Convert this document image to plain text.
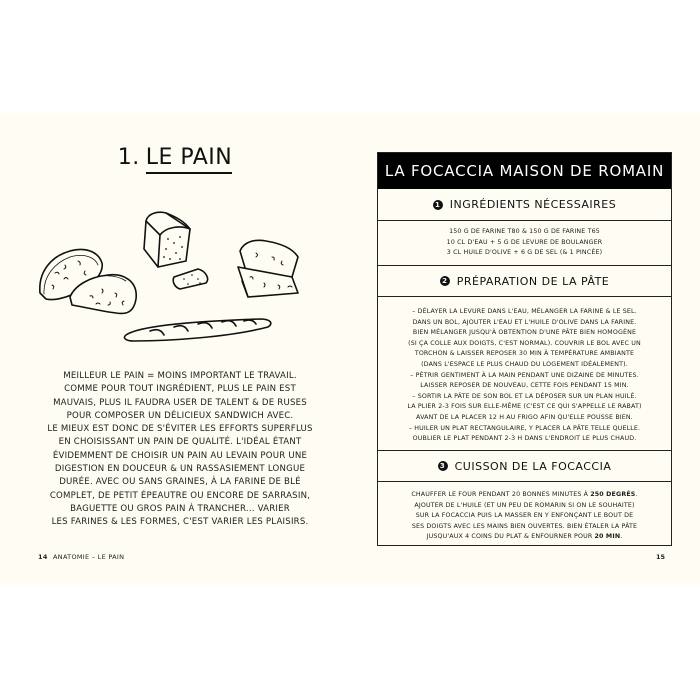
1. LE PAIN
MEILLEUR LE PAIN = MOINS IMPORTANT LE TRAVAIL.
COMME POUR TOUT INGRÉDIENT, PLUS LE PAIN EST
MAUVAIS, PLUS IL FAUDRA USER DE TALENT & DE RUSES
POUR COMPOSER UN DÉLICIEUX SANDWICH AVEC.
LE MIEUX EST DONC DE S'ÉVITER LES EFFORTS SUPERFLUS
EN CHOISISSANT UN PAIN DE QUALITÉ. L'IDÉAL ÉTANT
ÉVIDEMMENT DE CHOISIR UN PAIN AU LEVAIN POUR UNE
DIGESTION EN DOUCEUR & UN RASSASIEMENT LONGUE
DURÉE. AVEC OU SANS GRAINES, À LA FARINE DE BLÉ
COMPLET, DE PETIT ÉPEAUTRE OU ENCORE DE SARRASIN,
BAGUETTE OU GROS PAIN À TRANCHER... VARIER
LES FARINES & LES FORMES, C'EST VARIER LES PLAISIRS.
14 ANATOMIE – LE PAIN
LA FOCACCIA MAISON DE ROMAIN
1 INGRÉDIENTS NÉCESSAIRES
150 G DE FARINE T80 & 150 G DE FARINE T65
10 CL D'EAU + 5 G DE LEVURE DE BOULANGER
3 CL HUILE D'OLIVE + 6 G DE SEL (& 1 PINCÉE)
2 PRÉPARATION DE LA PÂTE
– DÉLAYER LA LEVURE DANS L'EAU, MÉLANGER LA FARINE & LE SEL.
DANS UN BOL, AJOUTER L'EAU ET L'HUILE D'OLIVE DANS LA FARINE.
BIEN MÉLANGER JUSQU'À OBTENTION D'UNE PÂTE BIEN HOMOGÈNE
(SI ÇA COLLE AUX DOIGTS, C'EST NORMAL). COUVRIR LE BOL AVEC UN
TORCHON & LAISSER REPOSER 30 MIN À TEMPÉRATURE AMBIANTE
(DANS L'ESPACE LE PLUS CHAUD DU LOGEMENT IDÉALEMENT).
– PÉTRIR GENTIMENT À LA MAIN PENDANT UNE DIZAINE DE MINUTES.
LAISSER REPOSER DE NOUVEAU, CETTE FOIS PENDANT 15 MIN.
– SORTIR LA PÂTE DE SON BOL ET LA DÉPOSER SUR UN PLAN HUILÉ.
LA PLIER 2-3 FOIS SUR ELLE-MÊME (C'EST CE QUI S'APPELLE LE RABAT)
AVANT DE LA PLACER 12 H AU FRIGO AFIN QU'ELLE POUSSE BIEN.
– HUILER UN PLAT RECTANGULAIRE, Y PLACER LA PÂTE TELLE QUELLE.
OUBLIER LE PLAT PENDANT 2-3 H DANS L'ENDROIT LE PLUS CHAUD.
3 CUISSON DE LA FOCACCIA
CHAUFFER LE FOUR PENDANT 20 BONNES MINUTES À 250 DEGRÉS.
AJOUTER DE L'HUILE (ET UN PEU DE ROMARIN SI ON LE SOUHAITE)
SUR LA FOCACCIA PUIS LA MASSER EN Y ENFONÇANT LE BOUT DE
SES DOIGTS AVEC LES MAINS BIEN OUVERTES. BIEN ÉTALER LA PÂTE
JUSQU'AUX 4 COINS DU PLAT & ENFOURNER POUR 20 MIN.
15
